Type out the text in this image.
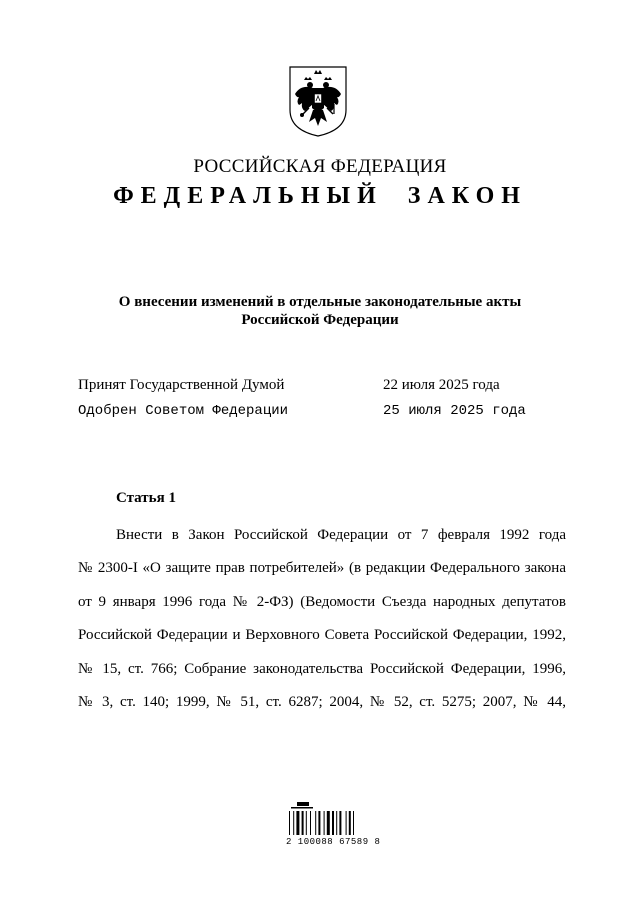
РОССИЙСКАЯ ФЕДЕРАЦИЯ
ФЕДЕРАЛЬНЫЙ ЗАКОН
О внесении изменений в отдельные законодательные акты
Российской Федерации
Принят Государственной Думой	22 июля 2025 года
Одобрен Советом Федерации	25 июля 2025 года
Статья 1
Внести в Закон Российской Федерации от 7 февраля 1992 года
№ 2300-I «О защите прав потребителей» (в редакции Федерального закона
от 9 января 1996 года № 2-ФЗ) (Ведомости Съезда народных депутатов
Российской Федерации и Верховного Совета Российской Федерации, 1992,
№ 15, ст. 766; Собрание законодательства Российской Федерации, 1996,
№ 3, ст. 140; 1999, № 51, ст. 6287; 2004, № 52, ст. 5275; 2007, № 44,
2 100088 67589 8
